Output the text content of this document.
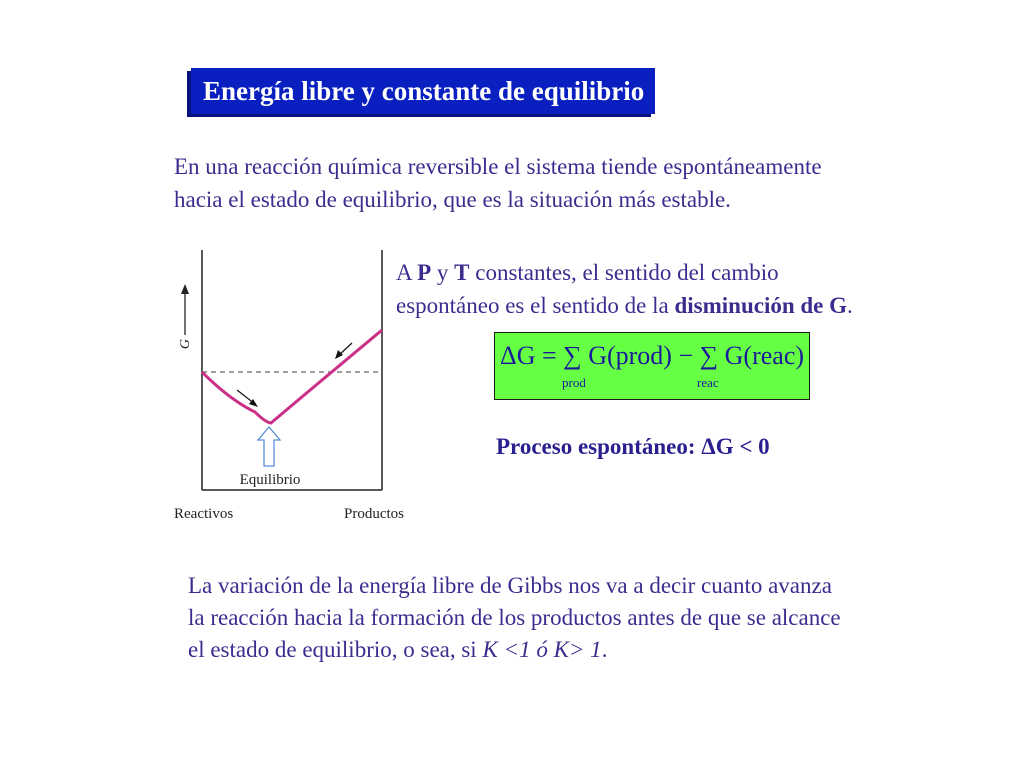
Energía libre y constante de equilibrio
En una reacción química reversible el sistema tiende espontáneamente
hacia el estado de equilibrio, que es la situación más estable.
G
Equilibrio
Reactivos	Productos
A P y T constantes, el sentido del cambio
espontáneo es el sentido de la disminución de G.
ΔG = ∑ G(prod) − ∑ G(reac)
prod	reac
Proceso espontáneo: ΔG < 0
La variación de la energía libre de Gibbs nos va a decir cuanto avanza
la reacción hacia la formación de los productos antes de que se alcance
el estado de equilibrio, o sea, si K <1 ó K> 1.
